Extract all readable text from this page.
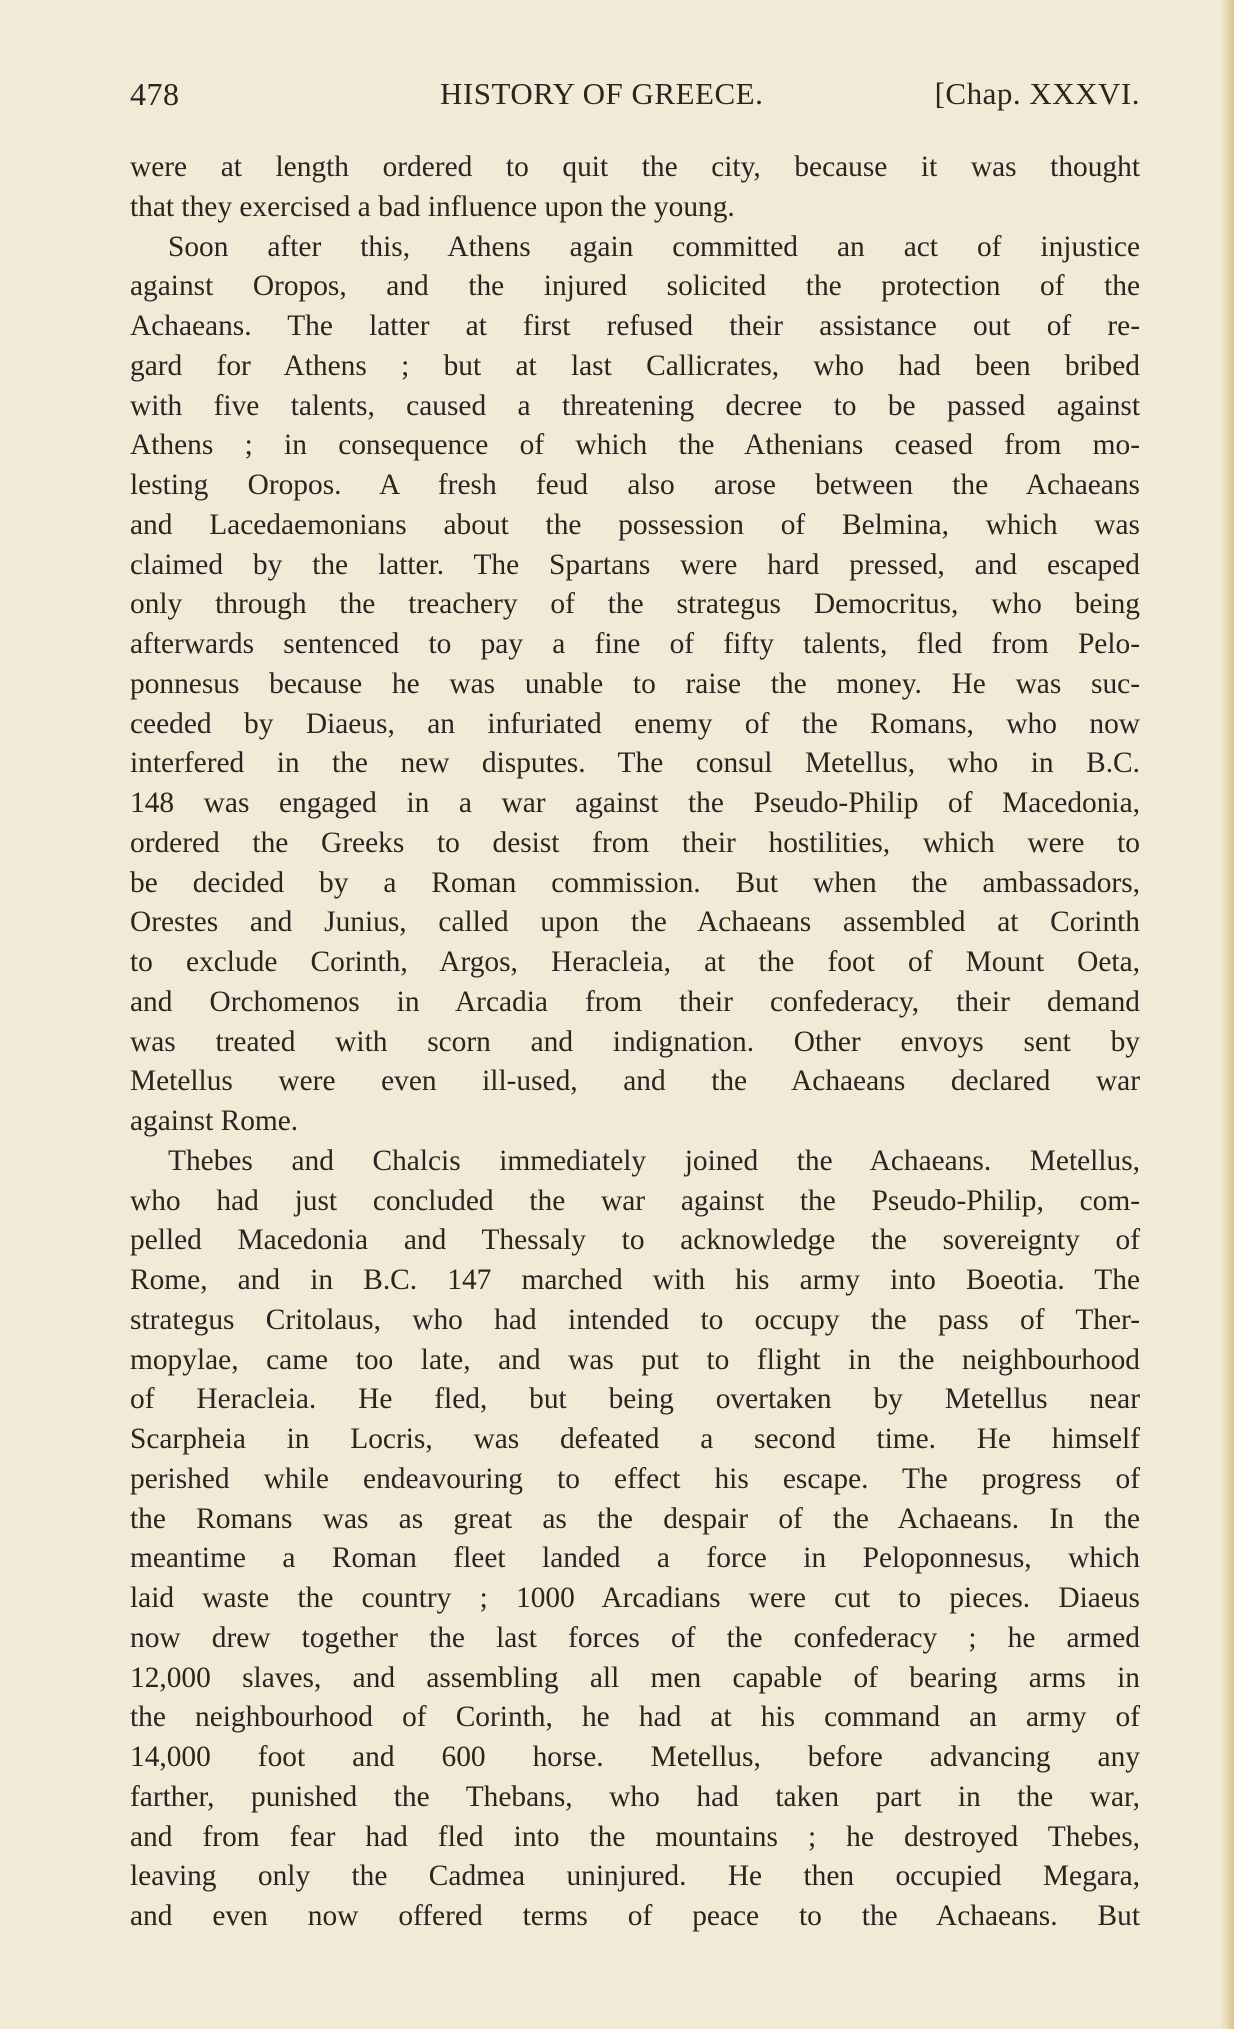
478	HISTORY OF GREECE.	[Chap. XXXVI.
were at length ordered to quit the city, because it was thought
that they exercised a bad influence upon the young.
Soon after this, Athens again committed an act of injustice
against Oropos, and the injured solicited the protection of the
Achaeans. The latter at first refused their assistance out of re-
gard for Athens ; but at last Callicrates, who had been bribed
with five talents, caused a threatening decree to be passed against
Athens ; in consequence of which the Athenians ceased from mo-
lesting Oropos. A fresh feud also arose between the Achaeans
and Lacedaemonians about the possession of Belmina, which was
claimed by the latter. The Spartans were hard pressed, and escaped
only through the treachery of the strategus Democritus, who being
afterwards sentenced to pay a fine of fifty talents, fled from Pelo-
ponnesus because he was unable to raise the money. He was suc-
ceeded by Diaeus, an infuriated enemy of the Romans, who now
interfered in the new disputes. The consul Metellus, who in B.C.
148 was engaged in a war against the Pseudo-Philip of Macedonia,
ordered the Greeks to desist from their hostilities, which were to
be decided by a Roman commission. But when the ambassadors,
Orestes and Junius, called upon the Achaeans assembled at Corinth
to exclude Corinth, Argos, Heracleia, at the foot of Mount Oeta,
and Orchomenos in Arcadia from their confederacy, their demand
was treated with scorn and indignation. Other envoys sent by
Metellus were even ill-used, and the Achaeans declared war
against Rome.
Thebes and Chalcis immediately joined the Achaeans. Metellus,
who had just concluded the war against the Pseudo-Philip, com-
pelled Macedonia and Thessaly to acknowledge the sovereignty of
Rome, and in B.C. 147 marched with his army into Boeotia. The
strategus Critolaus, who had intended to occupy the pass of Ther-
mopylae, came too late, and was put to flight in the neighbourhood
of Heracleia. He fled, but being overtaken by Metellus near
Scarpheia in Locris, was defeated a second time. He himself
perished while endeavouring to effect his escape. The progress of
the Romans was as great as the despair of the Achaeans. In the
meantime a Roman fleet landed a force in Peloponnesus, which
laid waste the country ; 1000 Arcadians were cut to pieces. Diaeus
now drew together the last forces of the confederacy ; he armed
12,000 slaves, and assembling all men capable of bearing arms in
the neighbourhood of Corinth, he had at his command an army of
14,000 foot and 600 horse. Metellus, before advancing any
farther, punished the Thebans, who had taken part in the war,
and from fear had fled into the mountains ; he destroyed Thebes,
leaving only the Cadmea uninjured. He then occupied Megara,
and even now offered terms of peace to the Achaeans. But
